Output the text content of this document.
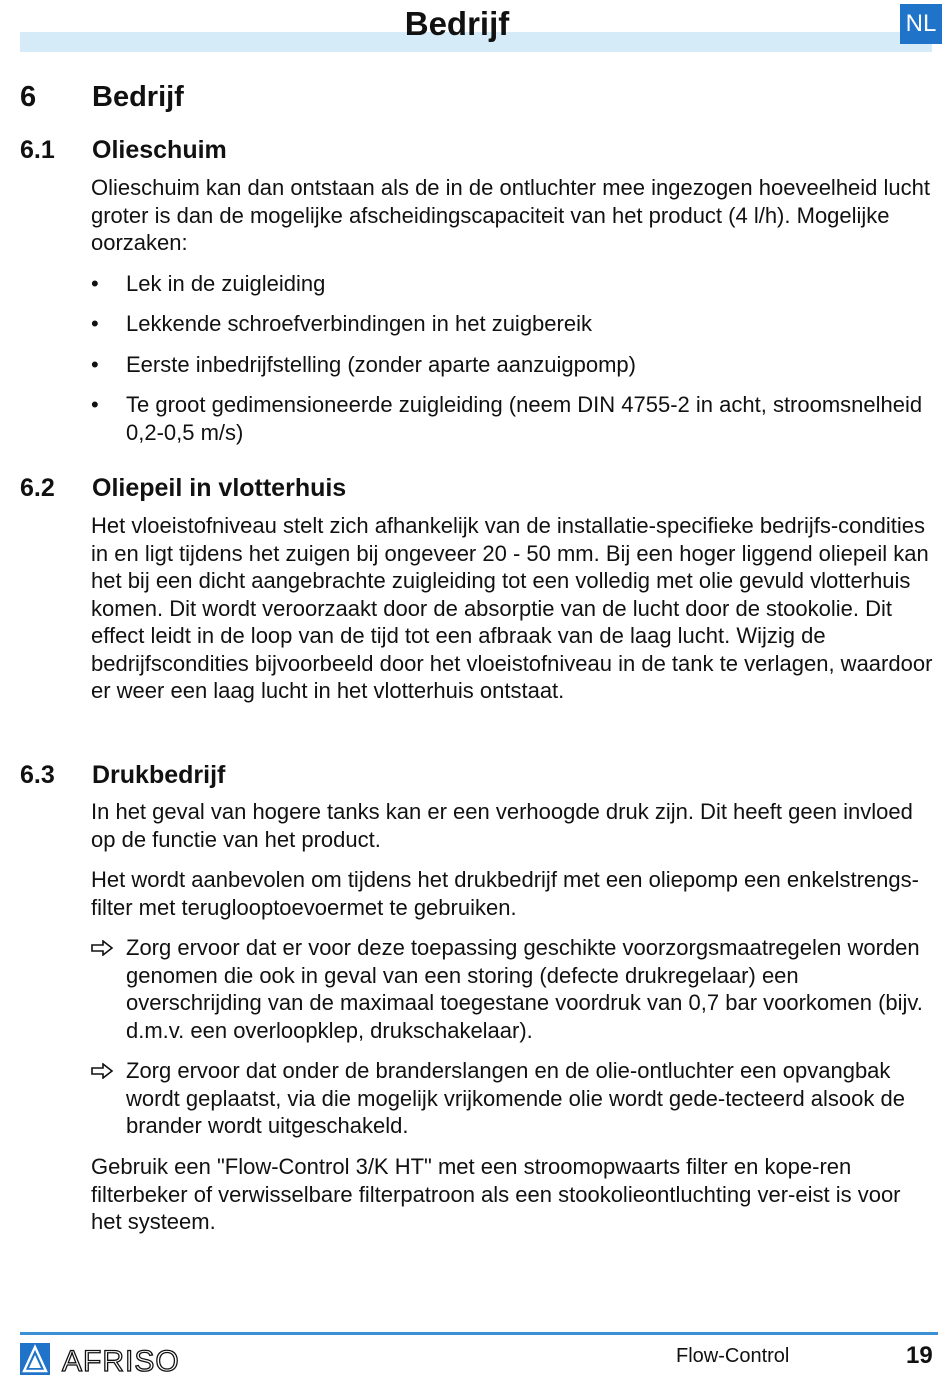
Bedrijf	NL
6 Bedrijf
6.1 Olieschuim

Olieschuim kan dan ontstaan als de in de ontluchter mee ingezogen hoeveelheid lucht groter is dan de mogelijke afscheidingscapaciteit van het product (4 l/h). Mogelijke oorzaken:

•	Lek in de zuigleiding
•	Lekkende schroefverbindingen in het zuigbereik
•	Eerste inbedrijfstelling (zonder aparte aanzuigpomp)
•	Te groot gedimensioneerde zuigleiding (neem DIN 4755-2 in acht, stroomsnelheid 0,2-0,5 m/s)
6.2 Oliepeil in vlotterhuis

Het vloeistofniveau stelt zich afhankelijk van de installatie-specifieke bedrijfs-condities in en ligt tijdens het zuigen bij ongeveer 20 - 50 mm. Bij een hoger liggend oliepeil kan het bij een dicht aangebrachte zuigleiding tot een volledig met olie gevuld vlotterhuis komen. Dit wordt veroorzaakt door de absorptie van de lucht door de stookolie. Dit effect leidt in de loop van de tijd tot een afbraak van de laag lucht. Wijzig de bedrijfscondities bijvoorbeeld door het vloeistofniveau in de tank te verlagen, waardoor er weer een laag lucht in het vlotterhuis ontstaat.

6.3 Drukbedrijf

In het geval van hogere tanks kan er een verhoogde druk zijn. Dit heeft geen invloed op de functie van het product.

Het wordt aanbevolen om tijdens het drukbedrijf met een oliepomp een enkelstrengs-filter met teruglooptoevoermet te gebruiken.

Zorg ervoor dat er voor deze toepassing geschikte voorzorgsmaatregelen worden genomen die ook in geval van een storing (defecte drukregelaar) een overschrijding van de maximaal toegestane voordruk van 0,7 bar voorkomen (bijv. d.m.v. een overloopklep, drukschakelaar).
Zorg ervoor dat onder de branderslangen en de olie-ontluchter een opvangbak wordt geplaatst, via die mogelijk vrijkomende olie wordt gede-tecteerd alsook de brander wordt uitgeschakeld.

Gebruik een "Flow-Control 3/K HT" met een stroomopwaarts filter en kope-ren filterbeker of verwisselbare filterpatroon als een stookolieontluchting ver-eist is voor het systeem.

AFRISO	Flow-Control	19
